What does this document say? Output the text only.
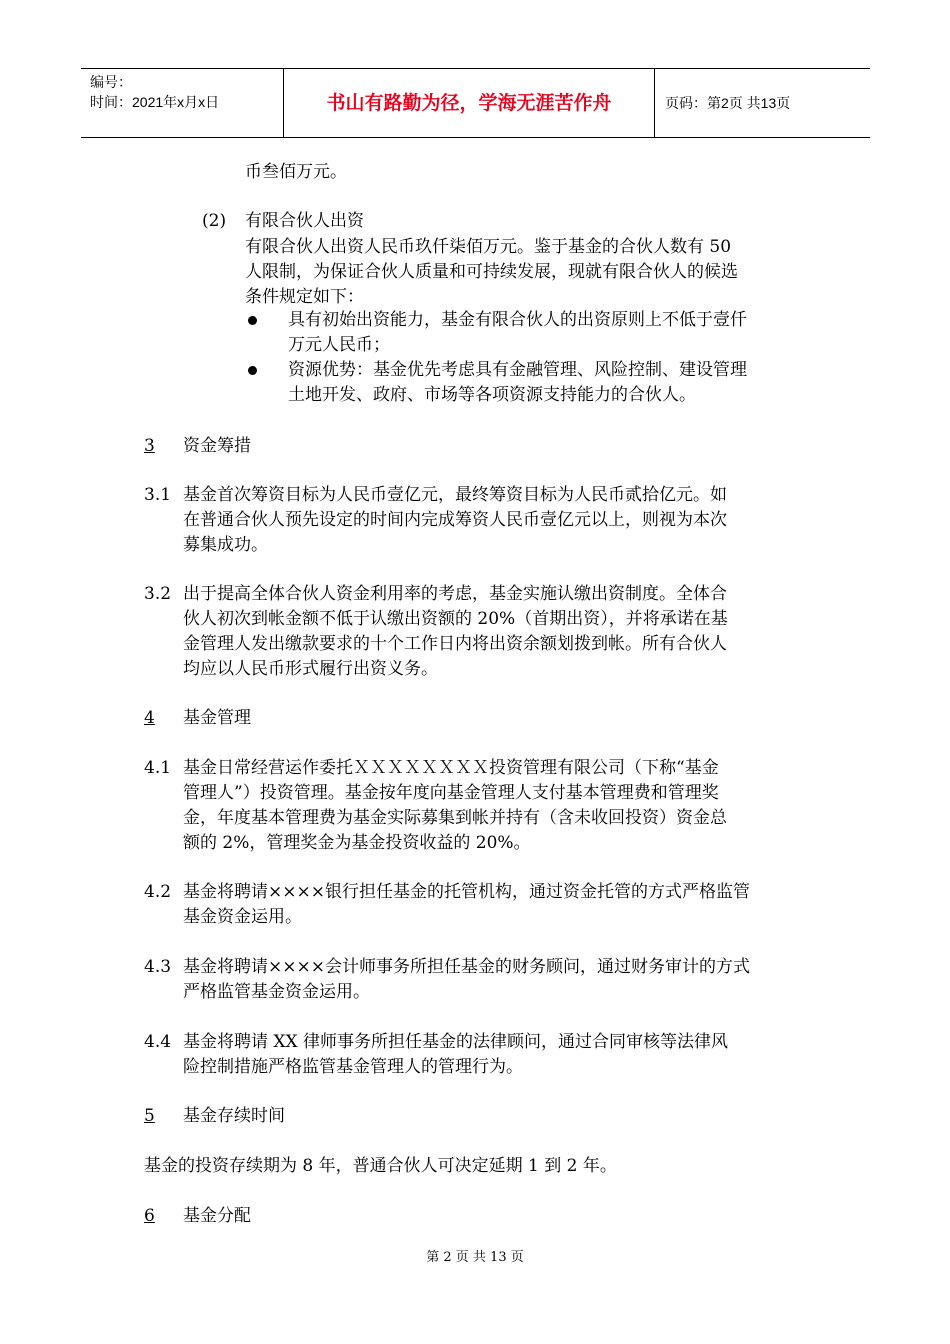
编号：
时间：2021年x月x日	书山有路勤为径，学海无涯苦作舟	页码：第2页 共13页
币叁佰万元。
(2) 有限合伙人出资
有限合伙人出资人民币玖仟柒佰万元。鉴于基金的合伙人数有 50
人限制，为保证合伙人质量和可持续发展，现就有限合伙人的候选
条件规定如下：
具有初始出资能力，基金有限合伙人的出资原则上不低于壹仟
万元人民币；
资源优势：基金优先考虑具有金融管理、风险控制、建设管理
土地开发、政府、市场等各项资源支持能力的合伙人。
3	资金筹措
3.1 基金首次筹资目标为人民币壹亿元，最终筹资目标为人民币贰拾亿元。如
在普通合伙人预先设定的时间内完成筹资人民币壹亿元以上，则视为本次
募集成功。
3.2 出于提高全体合伙人资金利用率的考虑，基金实施认缴出资制度。全体合
伙人初次到帐金额不低于认缴出资额的 20%（首期出资），并将承诺在基
金管理人发出缴款要求的十个工作日内将出资余额划拨到帐。所有合伙人
均应以人民币形式履行出资义务。
4	基金管理
4.1 基金日常经营运作委托ＸＸＸＸＸＸＸＸ投资管理有限公司（下称“基金
管理人”）投资管理。基金按年度向基金管理人支付基本管理费和管理奖
金，年度基本管理费为基金实际募集到帐并持有（含未收回投资）资金总
额的 2%，管理奖金为基金投资收益的 20%。
4.2 基金将聘请××××银行担任基金的托管机构，通过资金托管的方式严格监管
基金资金运用。
4.3 基金将聘请××××会计师事务所担任基金的财务顾问，通过财务审计的方式
严格监管基金资金运用。
4.4 基金将聘请 XX 律师事务所担任基金的法律顾问，通过合同审核等法律风
险控制措施严格监管基金管理人的管理行为。
5	基金存续时间
基金的投资存续期为 8 年，普通合伙人可决定延期 1 到 2 年。
6	基金分配
第 2 页 共 13 页
